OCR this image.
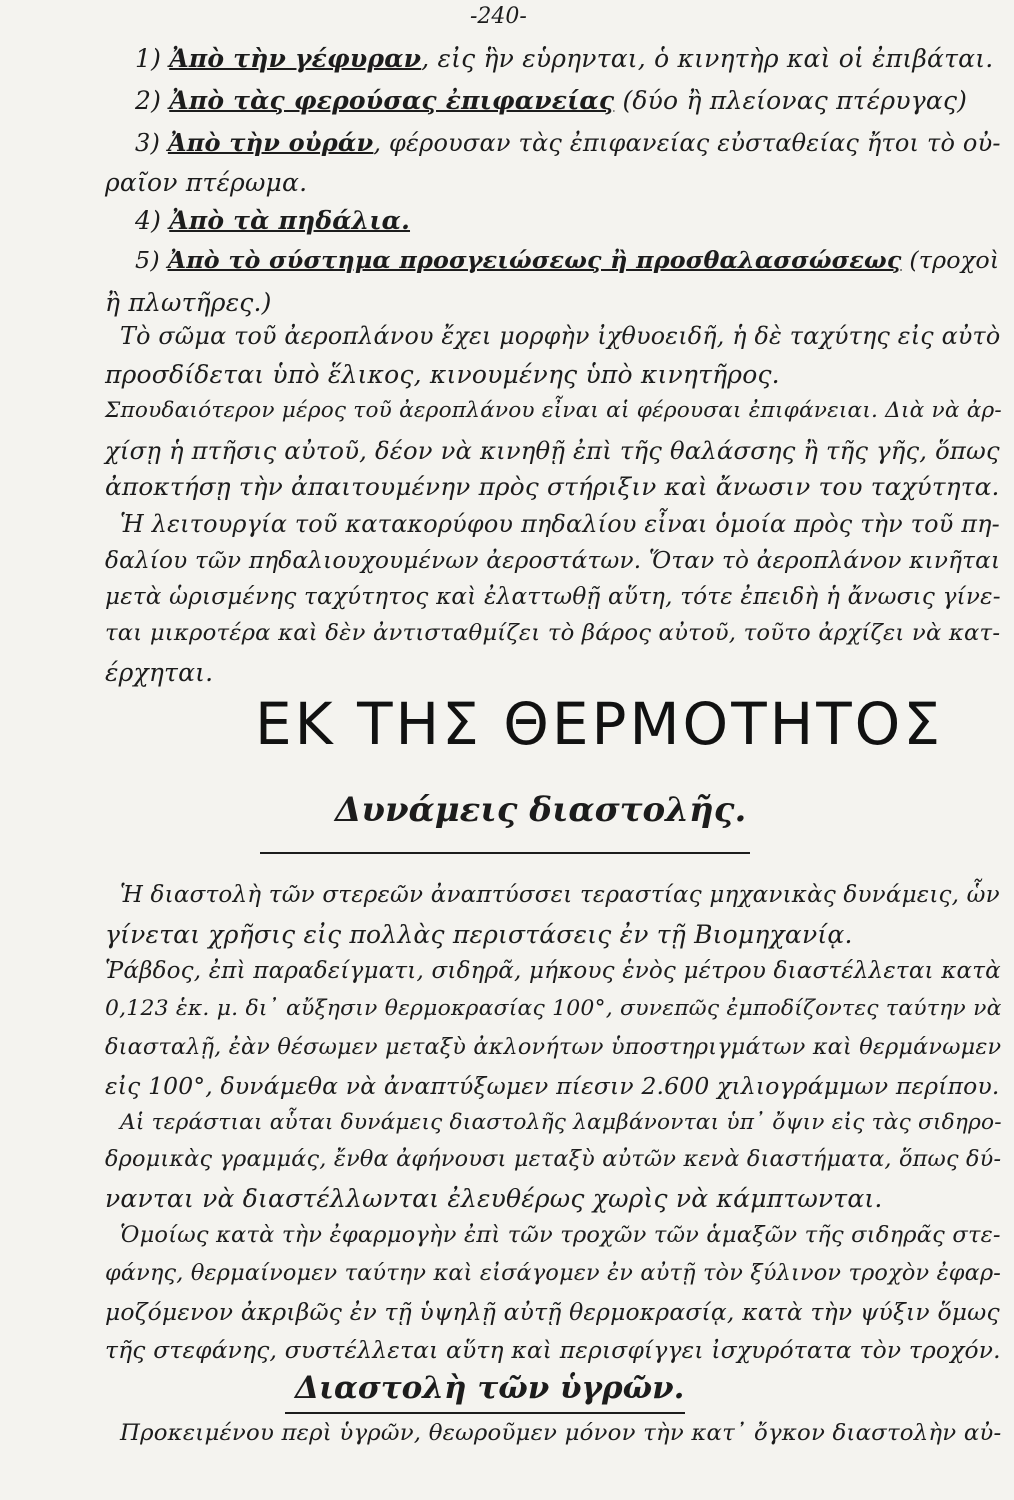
-240-
1) Ἀπὸ τὴν γέφυραν, εἰς ἣν εὑρηνται, ὁ κινητὴρ καὶ οἱ ἐπιβάται.
2) Ἀπὸ τὰς φερούσας ἐπιφανείας (δύο ἢ πλείονας πτέρυγας)
3) Ἀπὸ τὴν οὐράν, φέρουσαν τὰς ἐπιφανείας εὐσταθείας ἤτοι τὸ οὐ-
ραῖον πτέρωμα.
4) Ἀπὸ τὰ πηδάλια.
5) Ἀπὸ τὸ σύστημα προσγειώσεως ἢ προσθαλασσώσεως (τροχοὶ
ἢ πλωτῆρες.)
Τὸ σῶμα τοῦ ἀεροπλάνου ἔχει μορφὴν ἰχθυοειδῆ, ἡ δὲ ταχύτης εἰς αὐτὸ
προσδίδεται ὑπὸ ἕλικος, κινουμένης ὑπὸ κινητῆρος.
Σπουδαιότερον μέρος τοῦ ἀεροπλάνου εἶναι αἱ φέρουσαι ἐπιφάνειαι. Διὰ νὰ ἀρ-
χίσῃ ἡ πτῆσις αὐτοῦ, δέον νὰ κινηθῇ ἐπὶ τῆς θαλάσσης ἢ τῆς γῆς, ὅπως
ἀποκτήσῃ τὴν ἀπαιτουμένην πρὸς στήριξιν καὶ ἄνωσιν του ταχύτητα.
Ἡ λειτουργία τοῦ κατακορύφου πηδαλίου εἶναι ὁμοία πρὸς τὴν τοῦ πη-
δαλίου τῶν πηδαλιουχουμένων ἀεροστάτων. Ὅταν τὸ ἀεροπλάνον κινῆται
μετὰ ὡρισμένης ταχύτητος καὶ ἐλαττωθῇ αὕτη, τότε ἐπειδὴ ἡ ἄνωσις γίνε-
ται μικροτέρα καὶ δὲν ἀντισταθμίζει τὸ βάρος αὐτοῦ, τοῦτο ἀρχίζει νὰ κατ-
έρχηται.
ΕΚ ΤΗΣ ΘΕΡΜΟΤΗΤΟΣ
Δυνάμεις διαστολῆς.
Ἡ διαστολὴ τῶν στερεῶν ἀναπτύσσει τεραστίας μηχανικὰς δυνάμεις, ὧν
γίνεται χρῆσις εἰς πολλὰς περιστάσεις ἐν τῇ Βιομηχανίᾳ.
Ῥάβδος, ἐπὶ παραδείγματι, σιδηρᾶ, μήκους ἑνὸς μέτρου διαστέλλεται κατὰ
0,123 ἑκ. μ. δι᾽ αὔξησιν θερμοκρασίας 100°, συνεπῶς ἐμποδίζοντες ταύτην νὰ
διασταλῇ, ἐὰν θέσωμεν μεταξὺ ἀκλονήτων ὑποστηριγμάτων καὶ θερμάνωμεν
εἰς 100°, δυνάμεθα νὰ ἀναπτύξωμεν πίεσιν 2.600 χιλιογράμμων περίπου.
Αἱ τεράστιαι αὗται δυνάμεις διαστολῆς λαμβάνονται ὑπ᾽ ὄψιν εἰς τὰς σιδηρο-
δρομικὰς γραμμάς, ἔνθα ἀφήνουσι μεταξὺ αὐτῶν κενὰ διαστήματα, ὅπως δύ-
νανται νὰ διαστέλλωνται ἐλευθέρως χωρὶς νὰ κάμπτωνται.
Ὁμοίως κατὰ τὴν ἐφαρμογὴν ἐπὶ τῶν τροχῶν τῶν ἁμαξῶν τῆς σιδηρᾶς στε-
φάνης, θερμαίνομεν ταύτην καὶ εἰσάγομεν ἐν αὐτῇ τὸν ξύλινον τροχὸν ἐφαρ-
μοζόμενον ἀκριβῶς ἐν τῇ ὑψηλῇ αὐτῇ θερμοκρασίᾳ, κατὰ τὴν ψύξιν ὅμως
τῆς στεφάνης, συστέλλεται αὕτη καὶ περισφίγγει ἰσχυρότατα τὸν τροχόν.
Διαστολὴ τῶν ὑγρῶν.
Προκειμένου περὶ ὑγρῶν, θεωροῦμεν μόνον τὴν κατ᾽ ὄγκον διαστολὴν αὐ-
